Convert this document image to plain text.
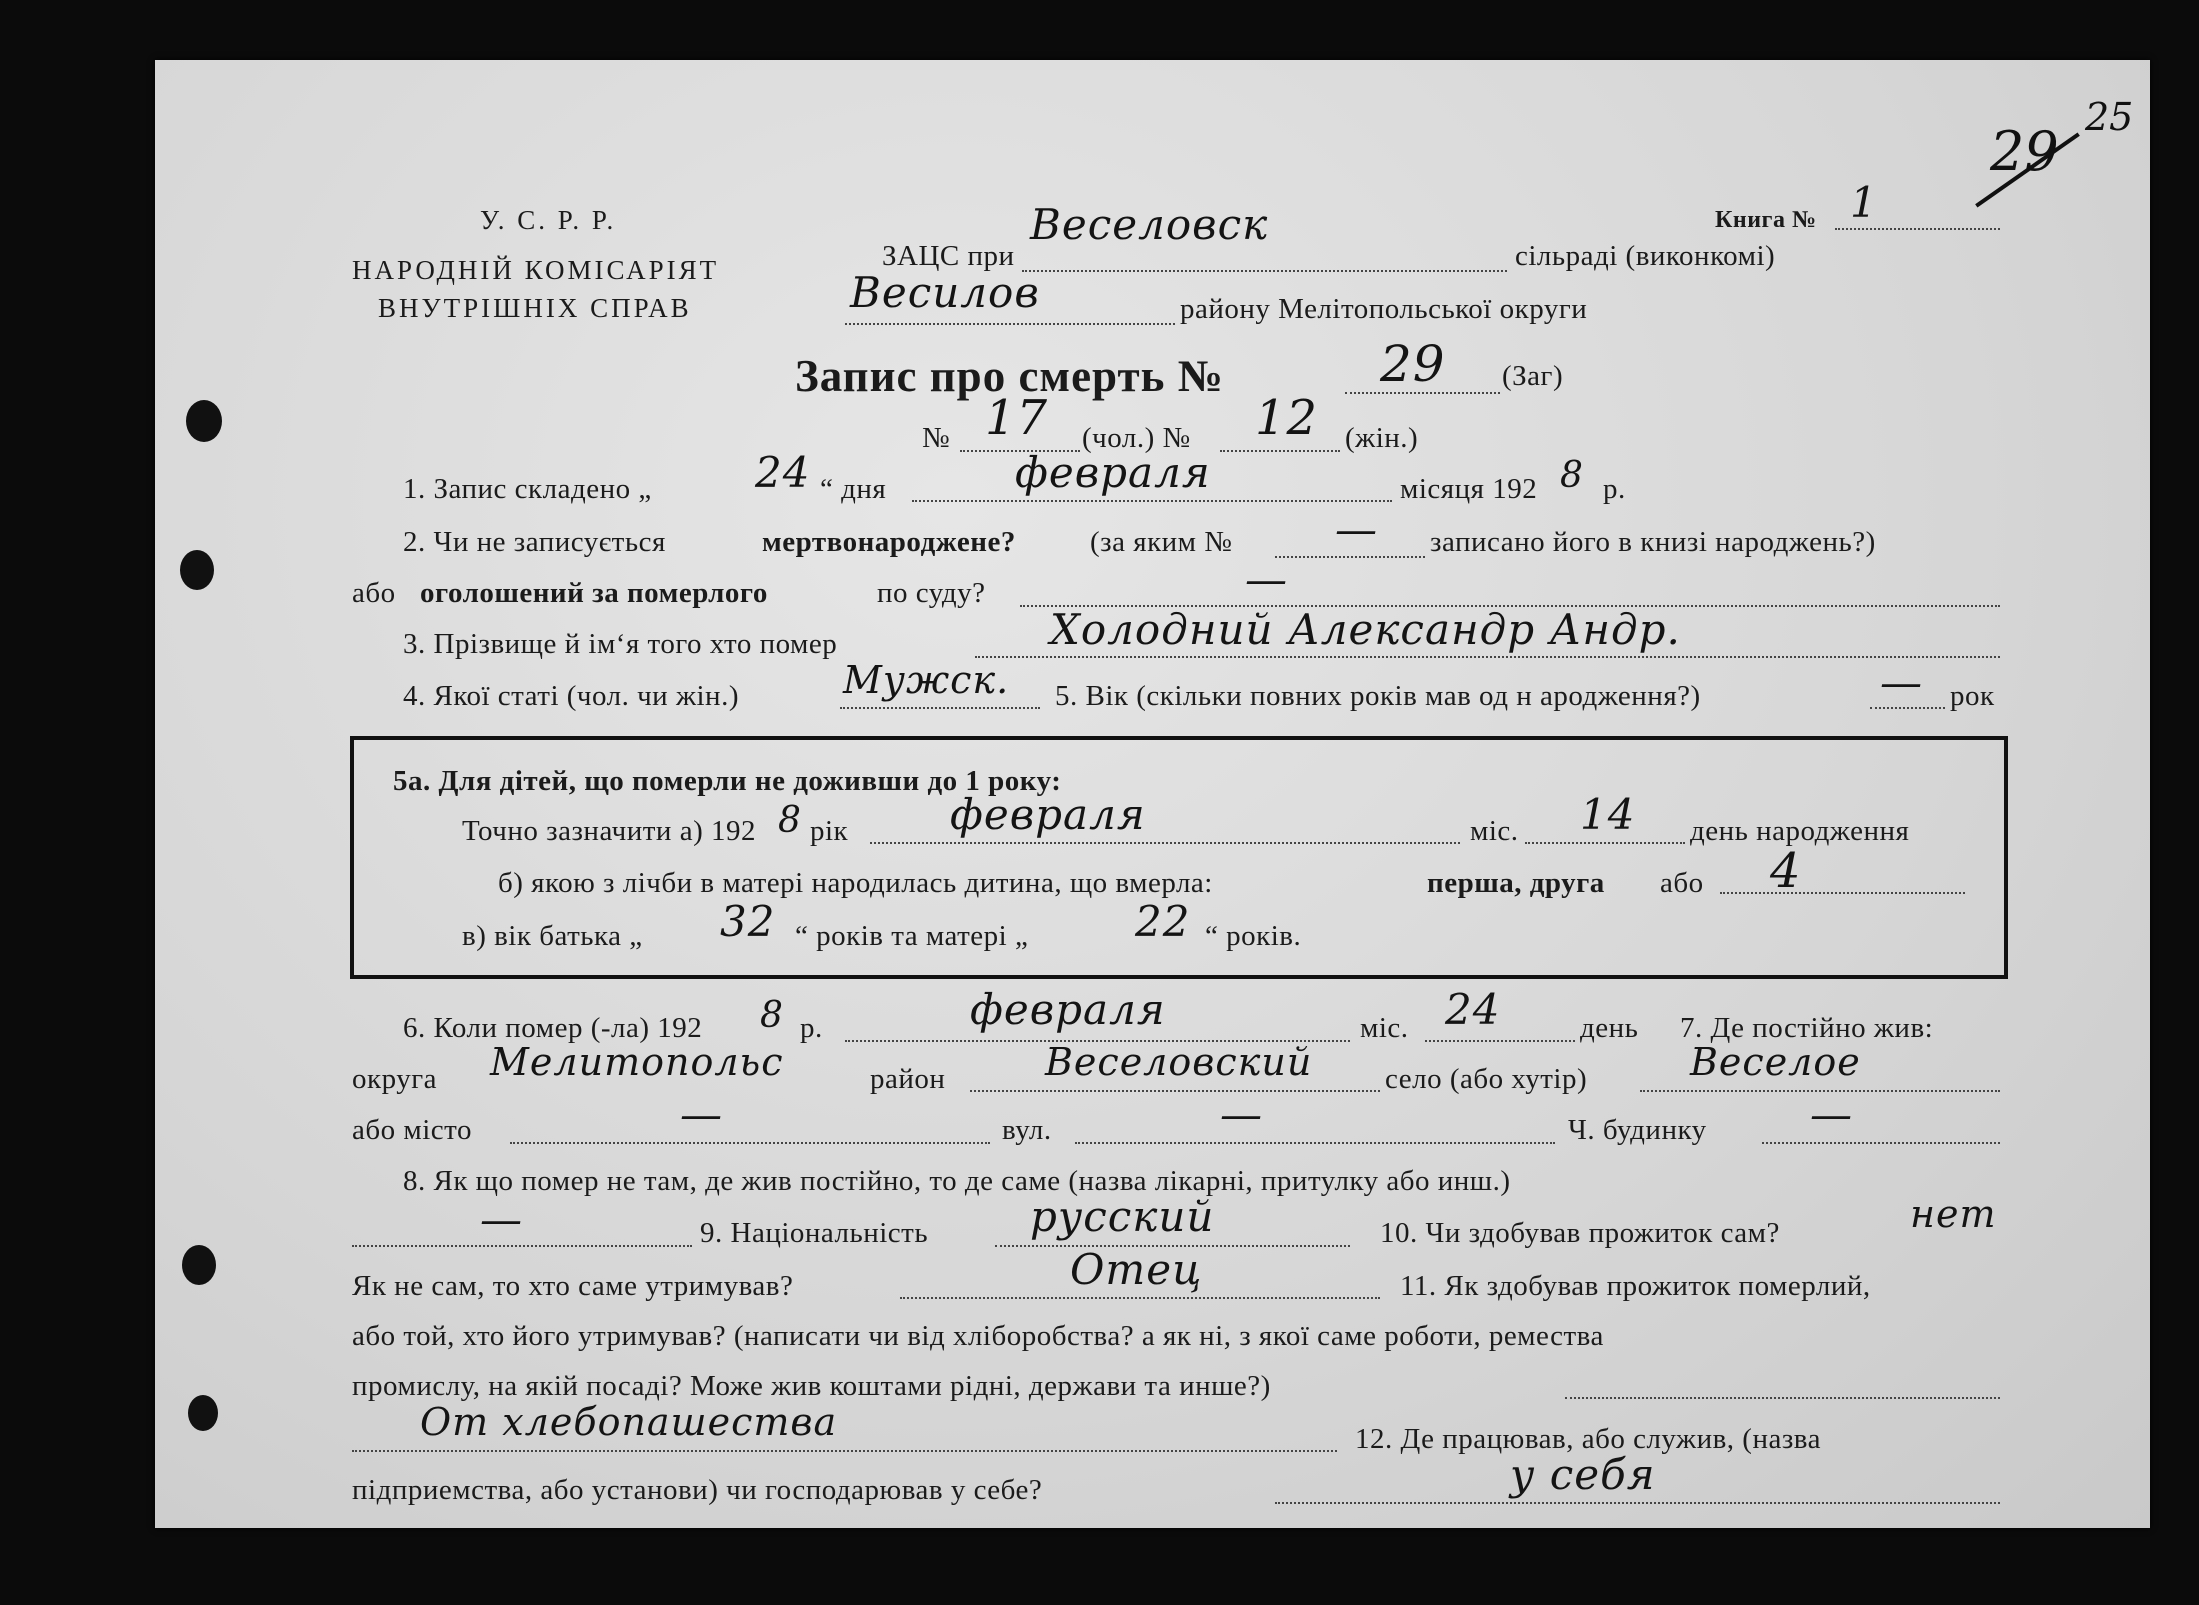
29
25
У. С. Р. Р.
НАРОДНІЙ КОМІСАРІЯТ
ВНУТРІШНІХ СПРАВ
Книга № 1
ЗАЦС при
Веселовск
сільраді (виконкомі)
Весилов	району Мелітопольської округи
Запис про смерть №	29 (Заг)
№ 17 (чол.) № 12 (жін.)
1. Запис складено „ 24 “ дня	февраля	місяця 192 8 р.
2. Чи не записується	мертвонароджене?	(за яким № — записано його в книзі народжень?)
або оголошений за померлого	по суду?	—
3. Прізвище й ім‘я того хто помер	Холодний Александр Андр.
4. Якої статі (чол. чи жін.)	Мужск. 5. Вік (скільки повних років мав од н ародження?)	— рок
5а. Для дітей, що померли не доживши до 1 року:
Точно зазначити а) 192 8 рік февраля	міс. 14 день народження
б) якою з лічби в матері народилась дитина, що вмерла:	перша, друга або 4
в) вік батька „ 32 “ років та матері „	22 “ років.
6. Коли помер (-ла) 192 8 р.	февраля	міс. 24	день 7. Де постійно жив:
округа Мелитопольс	район	Веселовский	село (або хутір)	Веселое
або місто	—	вул.	—	Ч. будинку —
8. Як що помер не там, де жив постійно, то де саме (назва лікарні, притулку або инш.)
—	9. Національність русский	10. Чи здобував прожиток сам?	нет
Як не сам, то хто саме утримував?	Отец	11. Як здобував прожиток померлий,
або той, хто його утримував? (написати чи від хліборобства? а як ні, з якої саме роботи, ремества
промислу, на якій посаді? Може жив коштами рідні, держави та инше?)
От хлебопашества	12. Де працював, або служив, (назва
підприемства, або установи) чи господарював у себе?	у себя
